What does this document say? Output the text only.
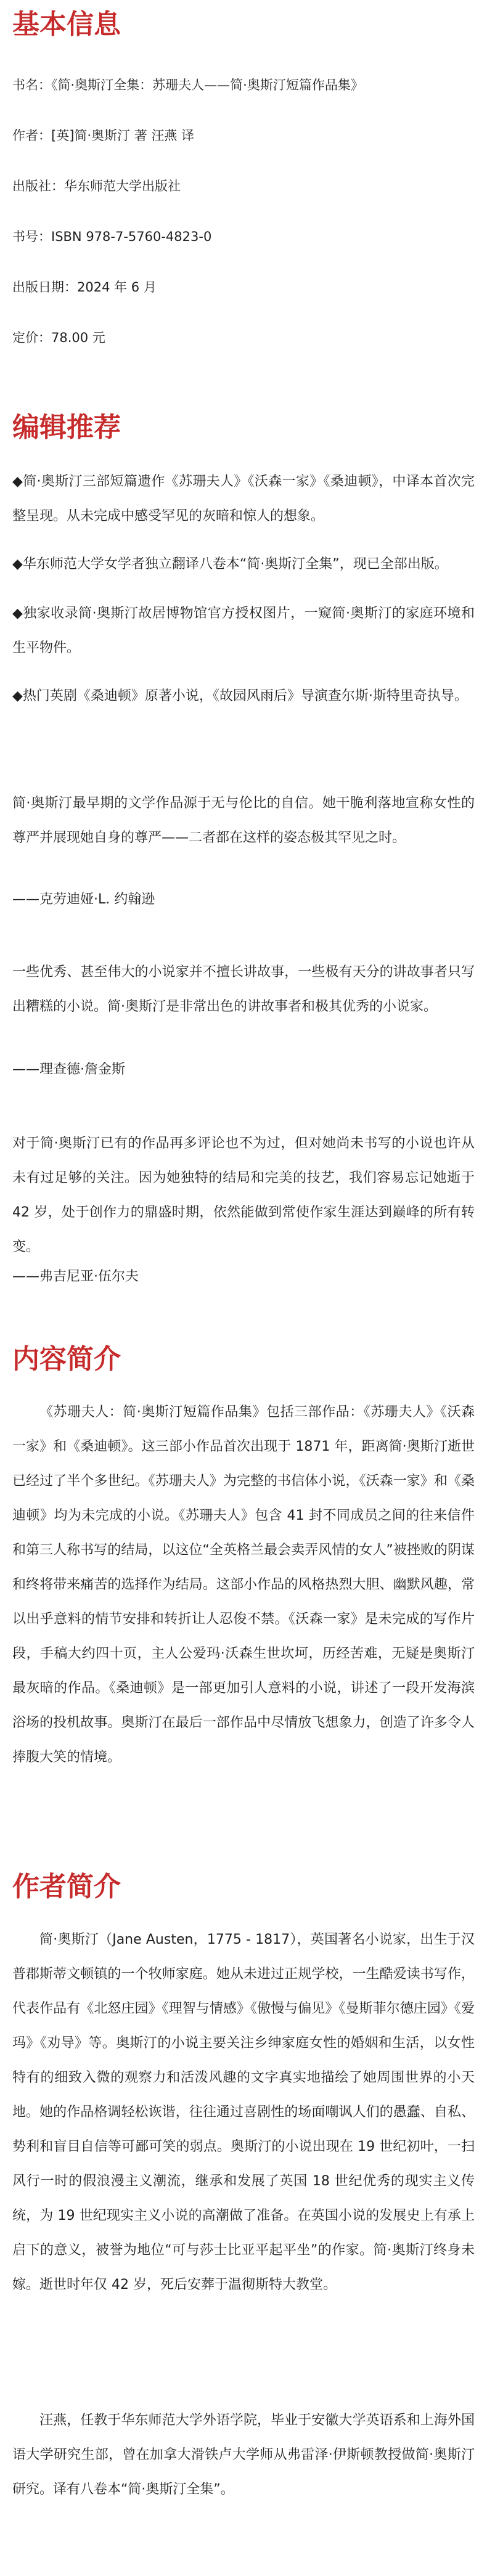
基本信息

书名：《简·奥斯汀全集：苏珊夫人——简·奥斯汀短篇作品集》

作者：[英]简·奥斯汀 著 汪燕 译

出版社：华东师范大学出版社

书号：ISBN 978-7-5760-4823-0

出版日期：2024 年 6 月

定价：78.00 元

编辑推荐

◆简·奥斯汀三部短篇遗作《苏珊夫人》《沃森一家》《桑迪顿》，中译本首次完整呈现。从未完成中感受罕见的灰暗和惊人的想象。

◆华东师范大学女学者独立翻译八卷本“简·奥斯汀全集”，现已全部出版。

◆独家收录简·奥斯汀故居博物馆官方授权图片，一窥简·奥斯汀的家庭环境和生平物件。

◆热门英剧《桑迪顿》原著小说，《故园风雨后》导演查尔斯·斯特里奇执导。

简·奥斯汀最早期的文学作品源于无与伦比的自信。她干脆利落地宣称女性的尊严并展现她自身的尊严——二者都在这样的姿态极其罕见之时。

——克劳迪娅·L. 约翰逊

一些优秀、甚至伟大的小说家并不擅长讲故事，一些极有天分的讲故事者只写出糟糕的小说。简·奥斯汀是非常出色的讲故事者和极其优秀的小说家。

——理查德·詹金斯

对于简·奥斯汀已有的作品再多评论也不为过，但对她尚未书写的小说也许从未有过足够的关注。因为她独特的结局和完美的技艺，我们容易忘记她逝于 42 岁，处于创作力的鼎盛时期，依然能做到常使作家生涯达到巅峰的所有转变。

——弗吉尼亚·伍尔夫

内容简介

《苏珊夫人：简·奥斯汀短篇作品集》包括三部作品：《苏珊夫人》《沃森一家》和《桑迪顿》。这三部小作品首次出现于 1871 年，距离简·奥斯汀逝世已经过了半个多世纪。《苏珊夫人》为完整的书信体小说，《沃森一家》和《桑迪顿》均为未完成的小说。《苏珊夫人》包含 41 封不同成员之间的往来信件和第三人称书写的结局，以这位“全英格兰最会卖弄风情的女人”被挫败的阴谋和终将带来痛苦的选择作为结局。这部小作品的风格热烈大胆、幽默风趣，常以出乎意料的情节安排和转折让人忍俊不禁。《沃森一家》是未完成的写作片段，手稿大约四十页，主人公爱玛·沃森生世坎坷，历经苦难，无疑是奥斯汀最灰暗的作品。《桑迪顿》是一部更加引人意料的小说，讲述了一段开发海滨浴场的投机故事。奥斯汀在最后一部作品中尽情放飞想象力，创造了许多令人捧腹大笑的情境。

作者简介

简·奥斯汀（Jane Austen，1775 - 1817），英国著名小说家，出生于汉普郡斯蒂文顿镇的一个牧师家庭。她从未进过正规学校，一生酷爱读书写作，代表作品有《北怒庄园》《理智与情感》《傲慢与偏见》《曼斯菲尔德庄园》《爱玛》《劝导》等。奥斯汀的小说主要关注乡绅家庭女性的婚姻和生活，以女性特有的细致入微的观察力和活泼风趣的文字真实地描绘了她周围世界的小天地。她的作品格调轻松诙谐，往往通过喜剧性的场面嘲讽人们的愚蠢、自私、势利和盲目自信等可鄙可笑的弱点。奥斯汀的小说出现在 19 世纪初叶，一扫风行一时的假浪漫主义潮流，继承和发展了英国 18 世纪优秀的现实主义传统，为 19 世纪现实主义小说的高潮做了准备。在英国小说的发展史上有承上启下的意义，被誉为地位“可与莎士比亚平起平坐”的作家。简·奥斯汀终身未嫁。逝世时年仅 42 岁，死后安葬于温彻斯特大教堂。

汪燕，任教于华东师范大学外语学院，毕业于安徽大学英语系和上海外国语大学研究生部，曾在加拿大滑铁卢大学师从弗雷泽·伊斯顿教授做简·奥斯汀研究。译有八卷本“简·奥斯汀全集”。
